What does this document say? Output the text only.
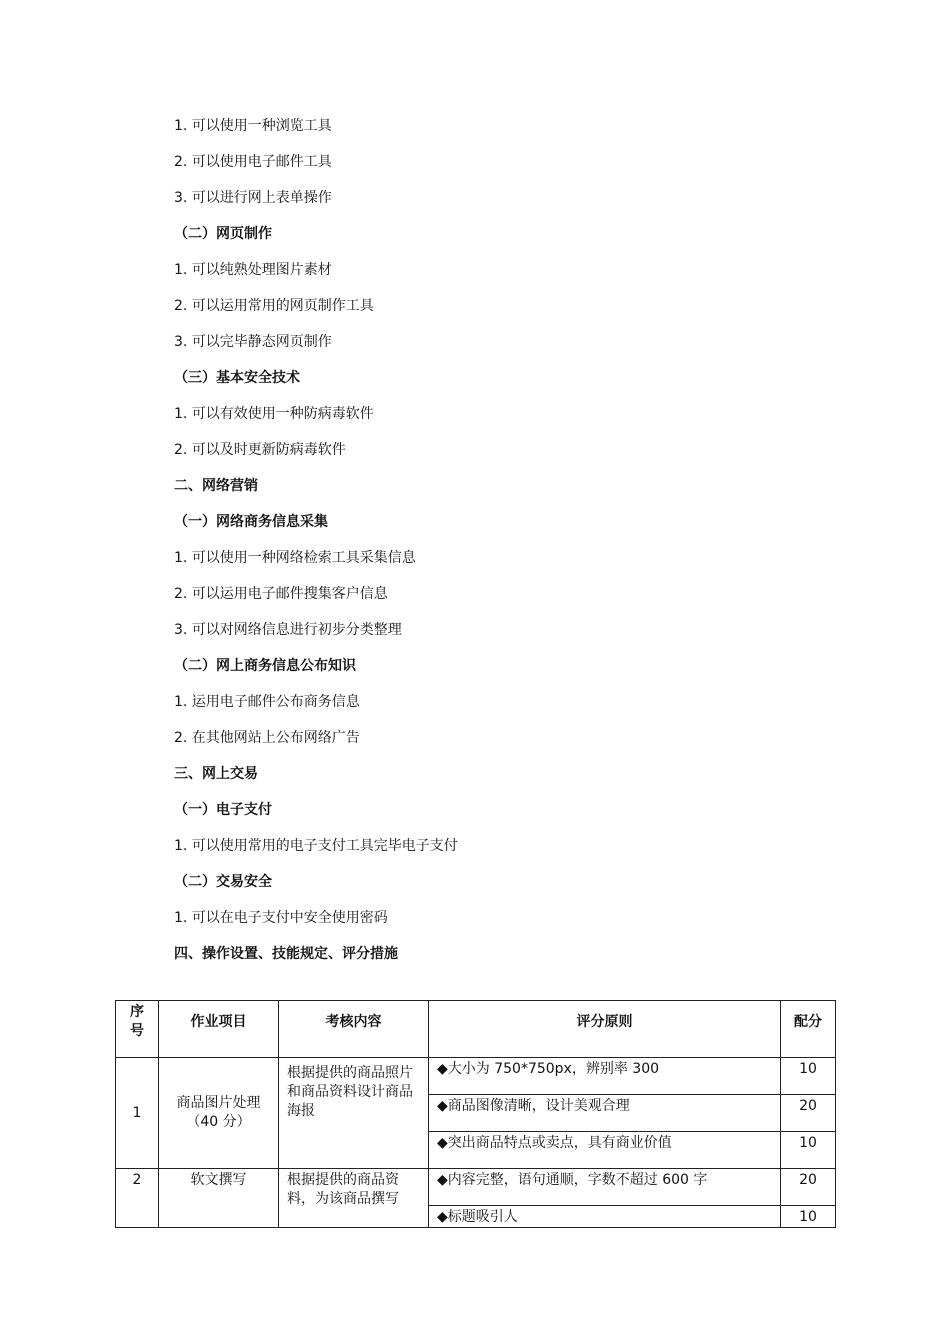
1. 可以使用一种浏览工具
2. 可以使用电子邮件工具
3. 可以进行网上表单操作
（二）网页制作
1. 可以纯熟处理图片素材
2. 可以运用常用的网页制作工具
3. 可以完毕静态网页制作
（三）基本安全技术
1. 可以有效使用一种防病毒软件
2. 可以及时更新防病毒软件
二、网络营销
（一）网络商务信息采集
1. 可以使用一种网络检索工具采集信息
2. 可以运用电子邮件搜集客户信息
3. 可以对网络信息进行初步分类整理
（二）网上商务信息公布知识
1. 运用电子邮件公布商务信息
2. 在其他网站上公布网络广告
三、网上交易
（一）电子支付
1. 可以使用常用的电子支付工具完毕电子支付
（二）交易安全
1. 可以在电子支付中安全使用密码
四、操作设置、技能规定、评分措施
序号	作业项目	考核内容	评分原则	配分
1	商品图片处理（40 分）	根据提供的商品照片和商品资料设计商品海报	◆大小为 750*750px，辨别率 300	10
			◆商品图像清晰，设计美观合理	20
			◆突出商品特点或卖点，具有商业价值	10
2	软文撰写	根据提供的商品资料，为该商品撰写	◆内容完整，语句通顺，字数不超过 600 字	20
			◆标题吸引人	10
